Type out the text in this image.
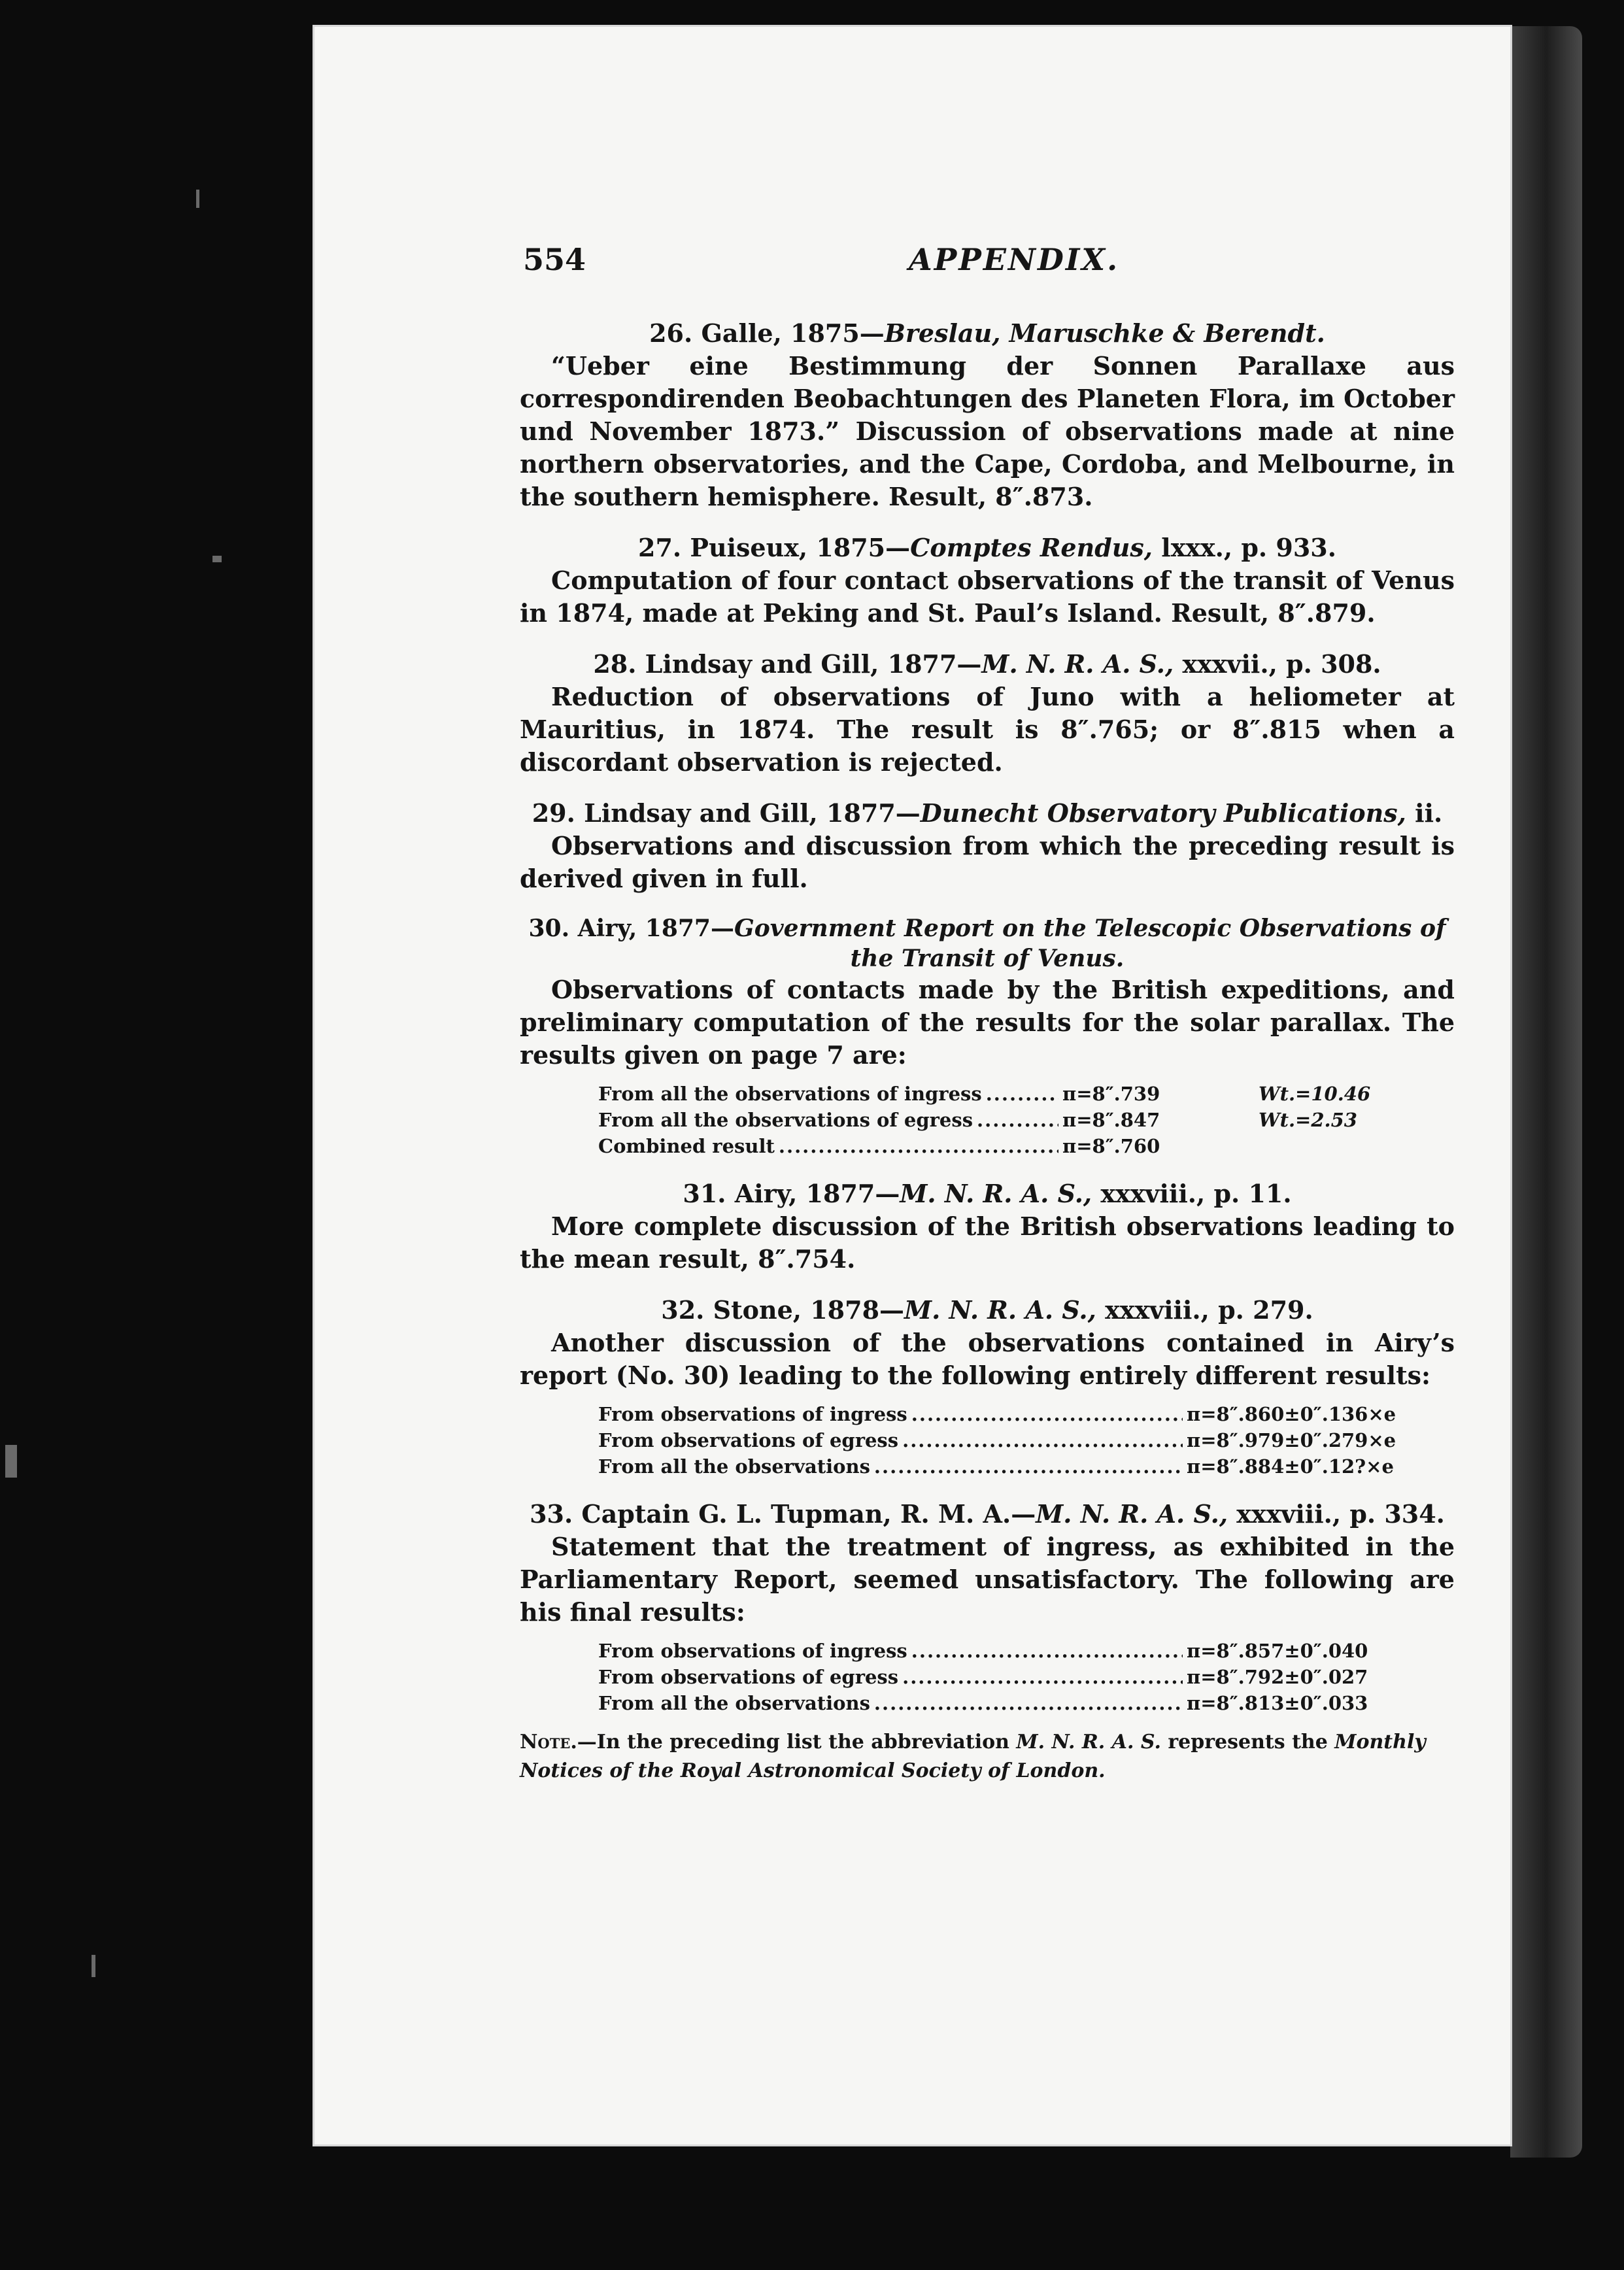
554	APPENDIX.

26. Galle, 1875—Breslau, Maruschke & Berendt.

“Ueber eine Bestimmung der Sonnen Parallaxe aus correspondirenden Beobachtungen des Planeten Flora, im October und November 1873.” Discussion of observations made at nine northern observatories, and the Cape, Cordoba, and Melbourne, in the southern hemisphere. Result, 8″.873.

27. Puiseux, 1875—Comptes Rendus, lxxx., p. 933.

Computation of four contact observations of the transit of Venus in 1874, made at Peking and St. Paul’s Island. Result, 8″.879.

28. Lindsay and Gill, 1877—M. N. R. A. S., xxxvii., p. 308.

Reduction of observations of Juno with a heliometer at Mauritius, in 1874. The result is 8″.765; or 8″.815 when a discordant observation is rejected.

29. Lindsay and Gill, 1877—Dunecht Observatory Publications, ii.

Observations and discussion from which the preceding result is derived given in full.

30. Airy, 1877—Government Report on the Telescopic Observations of the Transit of Venus.

Observations of contacts made by the British expeditions, and preliminary computation of the results for the solar parallax. The results given on page 7 are:

From all the observations of ingress .....	π=8″.739	Wt.=10.46
From all the observations of egress .....	π=8″.847	Wt.=2.53
Combined result .....	π=8″.760

31. Airy, 1877—M. N. R. A. S., xxxviii., p. 11.

More complete discussion of the British observations leading to the mean result, 8″.754.

32. Stone, 1878—M. N. R. A. S., xxxviii., p. 279.

Another discussion of the observations contained in Airy’s report (No. 30) leading to the following entirely different results:

From observations of ingress .....	π=8″.860±0″.136×e
From observations of egress .....	π=8″.979±0″.279×e
From all the observations .....	π=8″.884±0″.12?×e

33. Captain G. L. Tupman, R. M. A.—M. N. R. A. S., xxxviii., p. 334.

Statement that the treatment of ingress, as exhibited in the Parliamentary Report, seemed unsatisfactory. The following are his final results:

From observations of ingress .....	π=8″.857±0″.040
From observations of egress .....	π=8″.792±0″.027
From all the observations .....	π=8″.813±0″.033

Note.—In the preceding list the abbreviation M. N. R. A. S. represents the Monthly Notices of the Royal Astronomical Society of London.
